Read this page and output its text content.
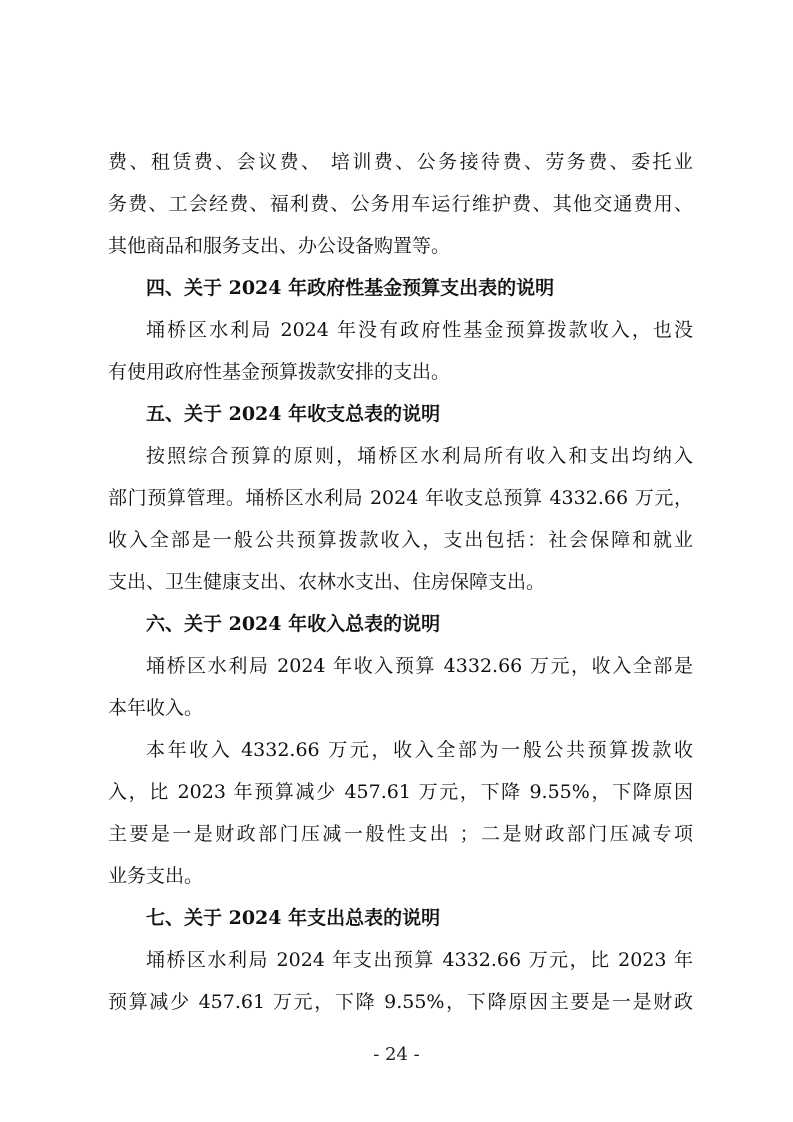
费、租赁费、会议费、 培训费、公务接待费、劳务费、委托业
务费、工会经费、福利费、公务用车运行维护费、其他交通费用、
其他商品和服务支出、办公设备购置等。
四、关于 2024 年政府性基金预算支出表的说明
埇桥区水利局 2024 年没有政府性基金预算拨款收入，也没
有使用政府性基金预算拨款安排的支出。
五、关于 2024 年收支总表的说明
按照综合预算的原则，埇桥区水利局所有收入和支出均纳入
部门预算管理。埇桥区水利局 2024 年收支总预算 4332.66 万元，
收入全部是一般公共预算拨款收入，支出包括：社会保障和就业
支出、卫生健康支出、农林水支出、住房保障支出。
六、关于 2024 年收入总表的说明
埇桥区水利局 2024 年收入预算 4332.66 万元，收入全部是
本年收入。
本年收入 4332.66 万元，收入全部为一般公共预算拨款收
入，比 2023 年预算减少 457.61 万元，下降 9.55%，下降原因
主要是一是财政部门压减一般性支出 ；二是财政部门压减专项
业务支出。
七、关于 2024 年支出总表的说明
埇桥区水利局 2024 年支出预算 4332.66 万元，比 2023 年
预算减少 457.61 万元，下降 9.55%，下降原因主要是一是财政
- 24 -
